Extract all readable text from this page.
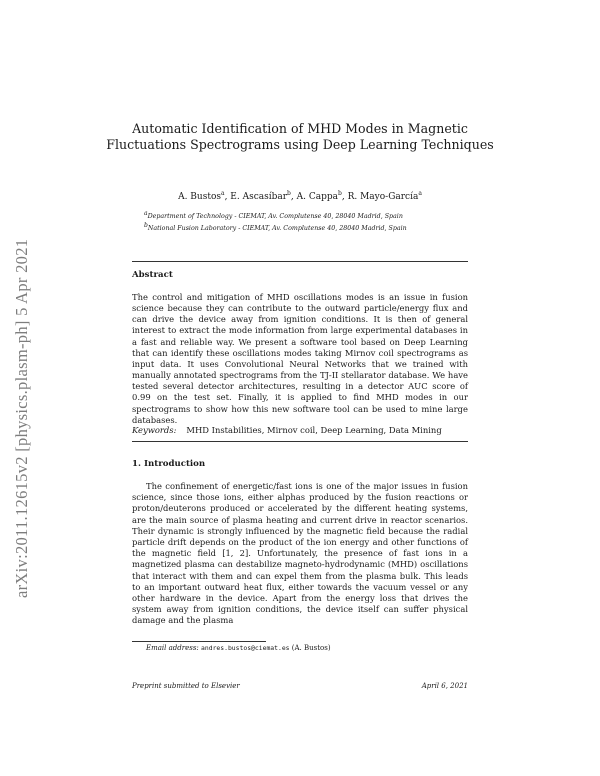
arXiv:2011.12615v2 [physics.plasm-ph] 5 Apr 2021
Automatic Identification of MHD Modes in Magnetic Fluctuations Spectrograms using Deep Learning Techniques
A. Bustos$^a$, E. Ascasíbar$^b$, A. Cappa$^b$, R. Mayo-García$^a$
$^a$Department of Technology - CIEMAT, Av. Complutense 40, 28040 Madrid, Spain
$^b$National Fusion Laboratory - CIEMAT, Av. Complutense 40, 28040 Madrid, Spain
Abstract
The control and mitigation of MHD oscillations modes is an issue in fusion science because they can contribute to the outward particle/energy flux and can drive the device away from ignition conditions. It is then of general interest to extract the mode information from large experimental databases in a fast and reliable way. We present a software tool based on Deep Learning that can identify these oscillations modes taking Mirnov coil spectrograms as input data. It uses Convolutional Neural Networks that we trained with manually annotated spectrograms from the TJ-II stellarator database. We have tested several detector architectures, resulting in a detector AUC score of 0.99 on the test set. Finally, it is applied to find MHD modes in our spectrograms to show how this new software tool can be used to mine large databases.
Keywords: MHD Instabilities, Mirnov coil, Deep Learning, Data Mining
1. Introduction
The confinement of energetic/fast ions is one of the major issues in fusion science, since those ions, either alphas produced by the fusion reactions or proton/deuterons produced or accelerated by the different heating systems, are the main source of plasma heating and current drive in reactor scenarios. Their dynamic is strongly influenced by the magnetic field because the radial particle drift depends on the product of the ion energy and other functions of the magnetic field [1, 2]. Unfortunately, the presence of fast ions in a magnetized plasma can destabilize magneto-hydrodynamic (MHD) oscillations that interact with them and can expel them from the plasma bulk. This leads to an important outward heat flux, either towards the vacuum vessel or any other hardware in the device. Apart from the energy loss that drives the system away from ignition conditions, the device itself can suffer physical damage and the plasma
Email address: andres.bustos@ciemat.es (A. Bustos)
Preprint submitted to Elsevier	April 6, 2021
